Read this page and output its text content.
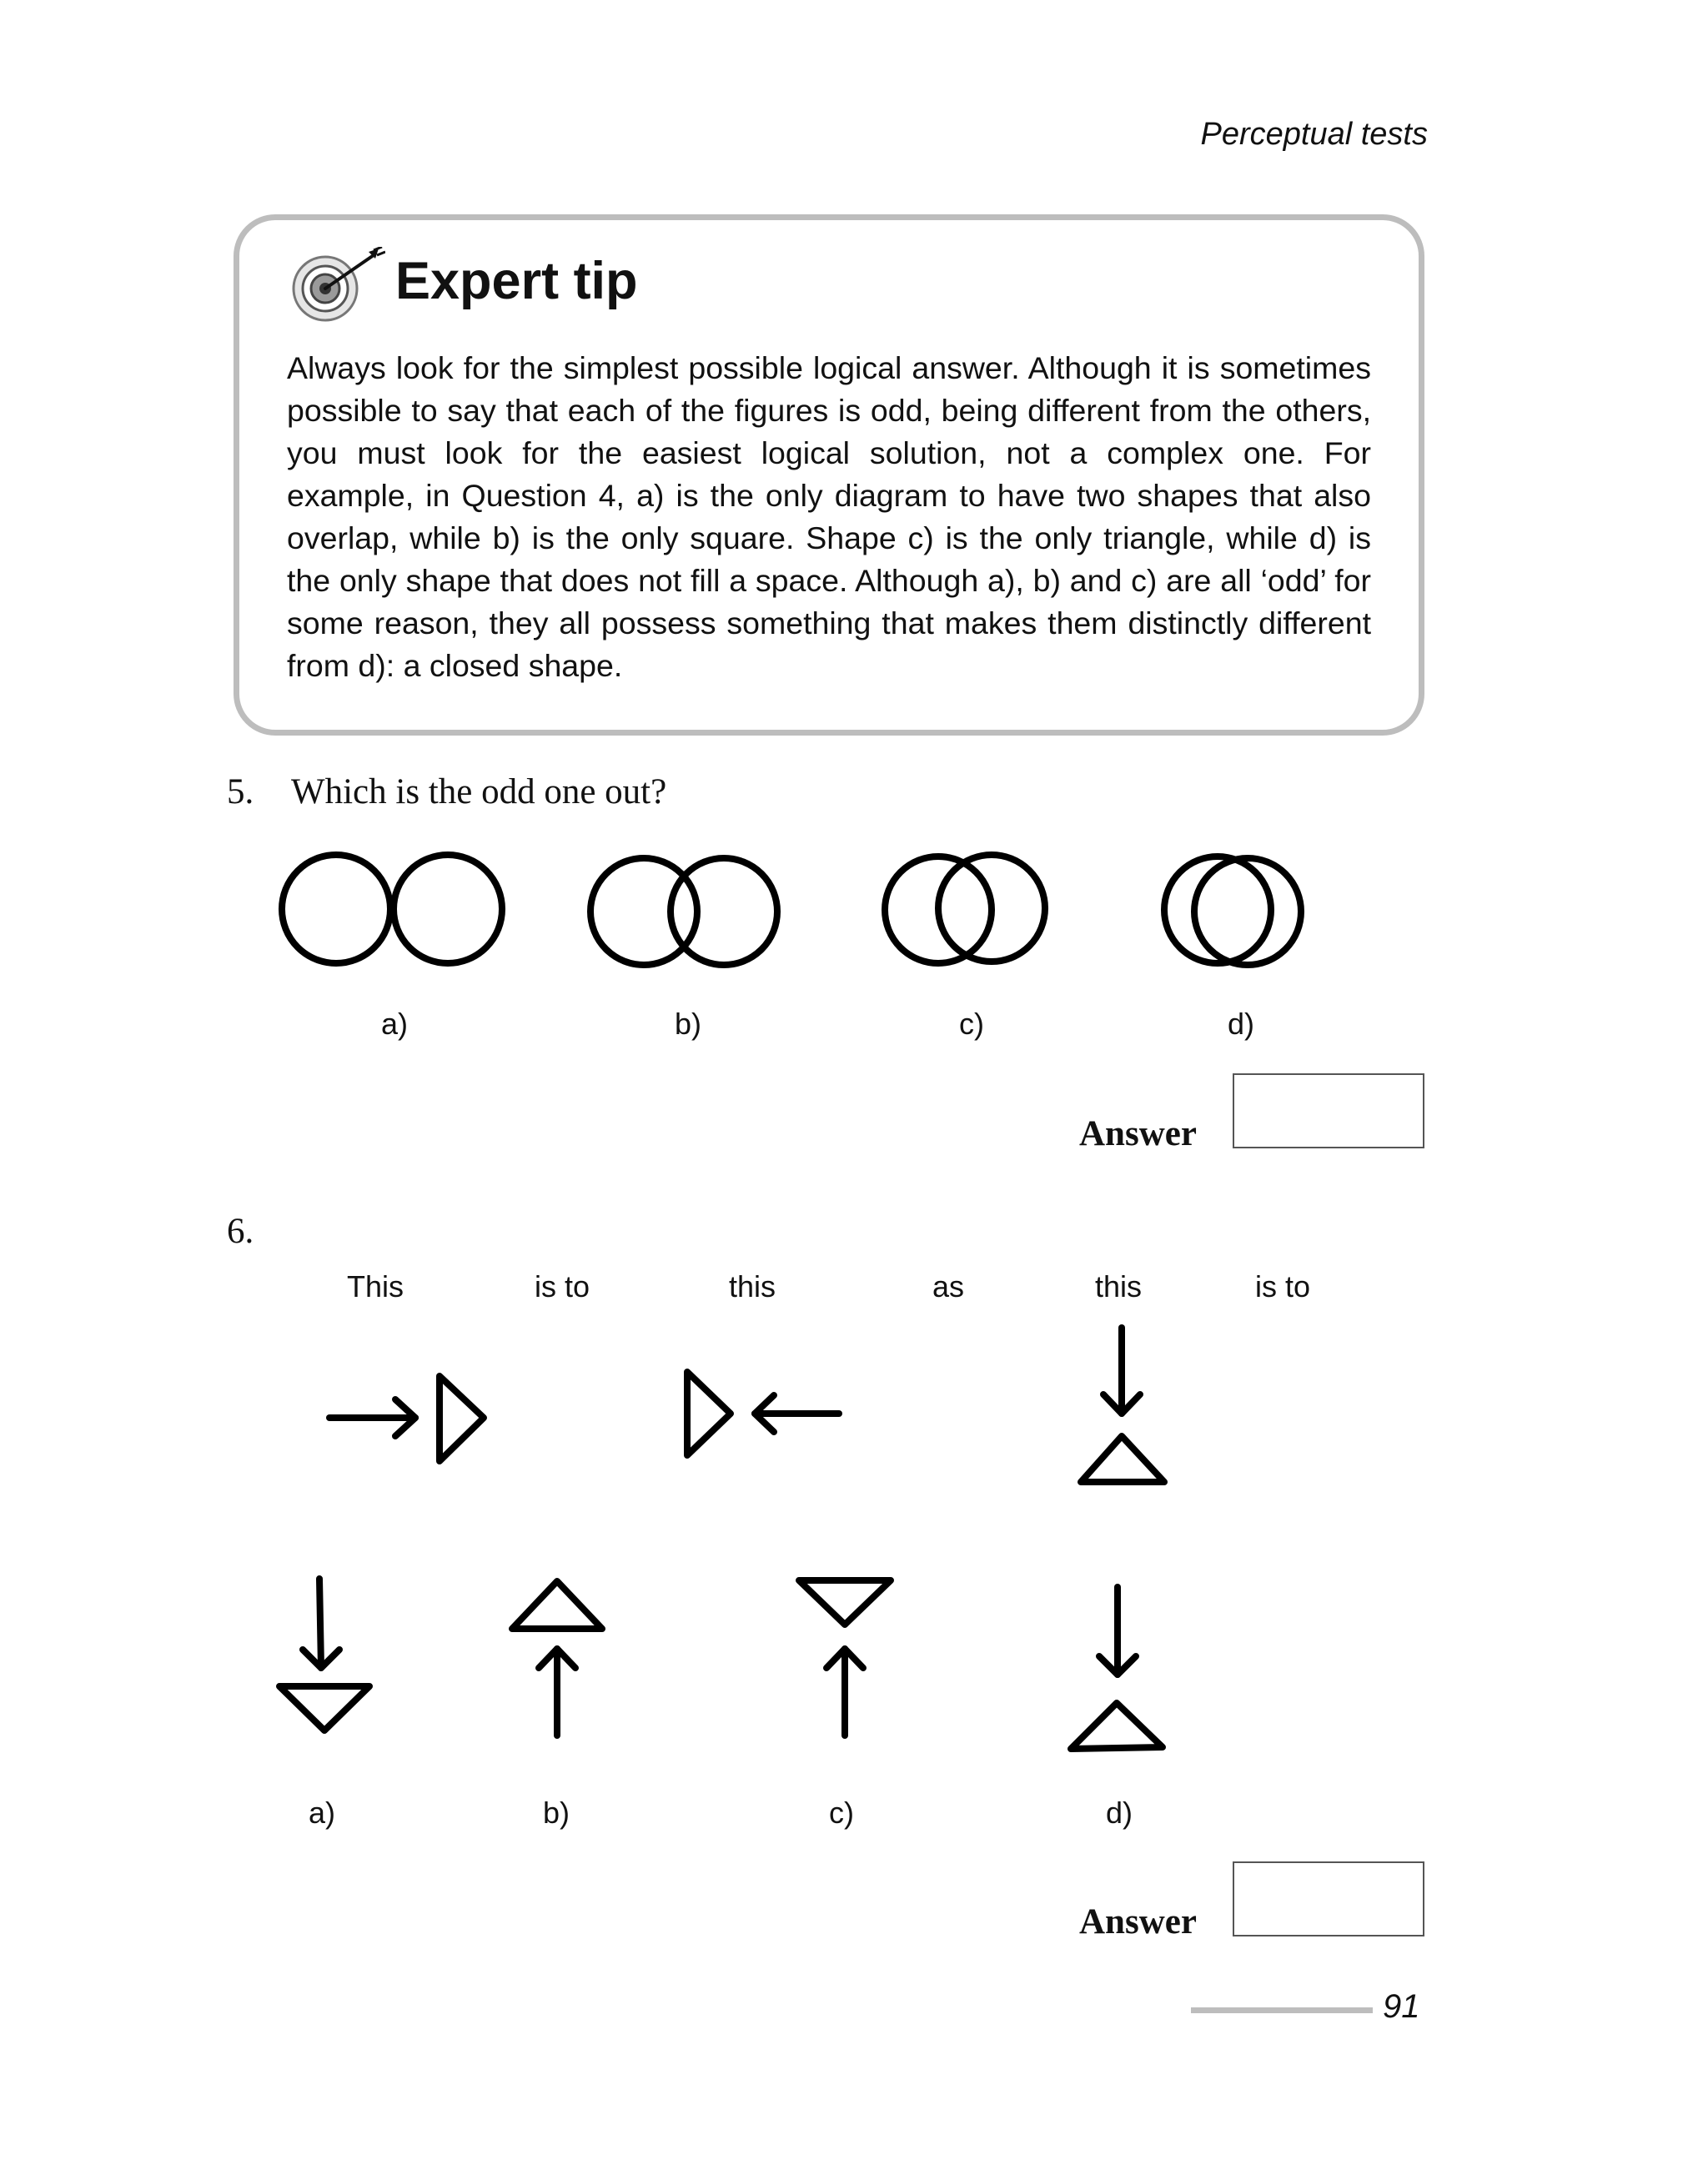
Perceptual tests
Expert tip

Always look for the simplest possible logical answer. Although it is sometimes possible to say that each of the figures is odd, being different from the others, you must look for the easiest logical solution, not a complex one. For example, in Question 4, a) is the only diagram to have two shapes that also overlap, while b) is the only square. Shape c) is the only triangle, while d) is the only shape that does not fill a space. Although a), b) and c) are all ‘odd’ for some reason, they all possess something that makes them distinctly different from d): a closed shape.

5. Which is the odd one out?
a)	b)	c)	d)
Answer
6.
This	is to	this	as	this	is to
a)	b)	c)	d)
Answer
91
